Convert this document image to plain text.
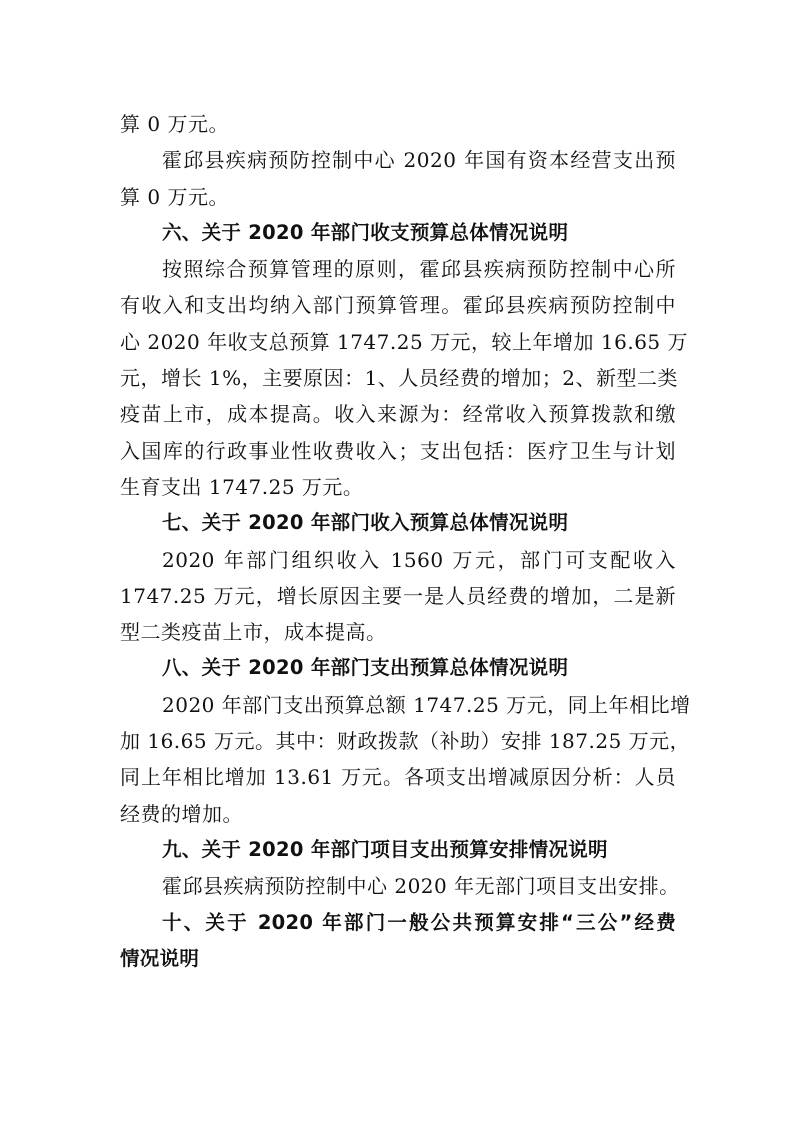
算 0 万元。
霍邱县疾病预防控制中心 2020 年国有资本经营支出预
算 0 万元。
六、关于 2020 年部门收支预算总体情况说明
按照综合预算管理的原则，霍邱县疾病预防控制中心所
有收入和支出均纳入部门预算管理。霍邱县疾病预防控制中
心 2020 年收支总预算 1747.25 万元，较上年增加 16.65 万
元，增长 1%，主要原因：1、人员经费的增加；2、新型二类
疫苗上市，成本提高。收入来源为：经常收入预算拨款和缴
入国库的行政事业性收费收入；支出包括：医疗卫生与计划
生育支出 1747.25 万元。
七、关于 2020 年部门收入预算总体情况说明
2020 年部门组织收入 1560 万元，部门可支配收入
1747.25 万元，增长原因主要一是人员经费的增加，二是新
型二类疫苗上市，成本提高。
八、关于 2020 年部门支出预算总体情况说明
2020 年部门支出预算总额 1747.25 万元，同上年相比增
加 16.65 万元。其中：财政拨款（补助）安排 187.25 万元，
同上年相比增加 13.61 万元。各项支出增减原因分析：人员
经费的增加。
九、关于 2020 年部门项目支出预算安排情况说明
霍邱县疾病预防控制中心 2020 年无部门项目支出安排。
十、关于 2020 年部门一般公共预算安排“三公”经费
情况说明
